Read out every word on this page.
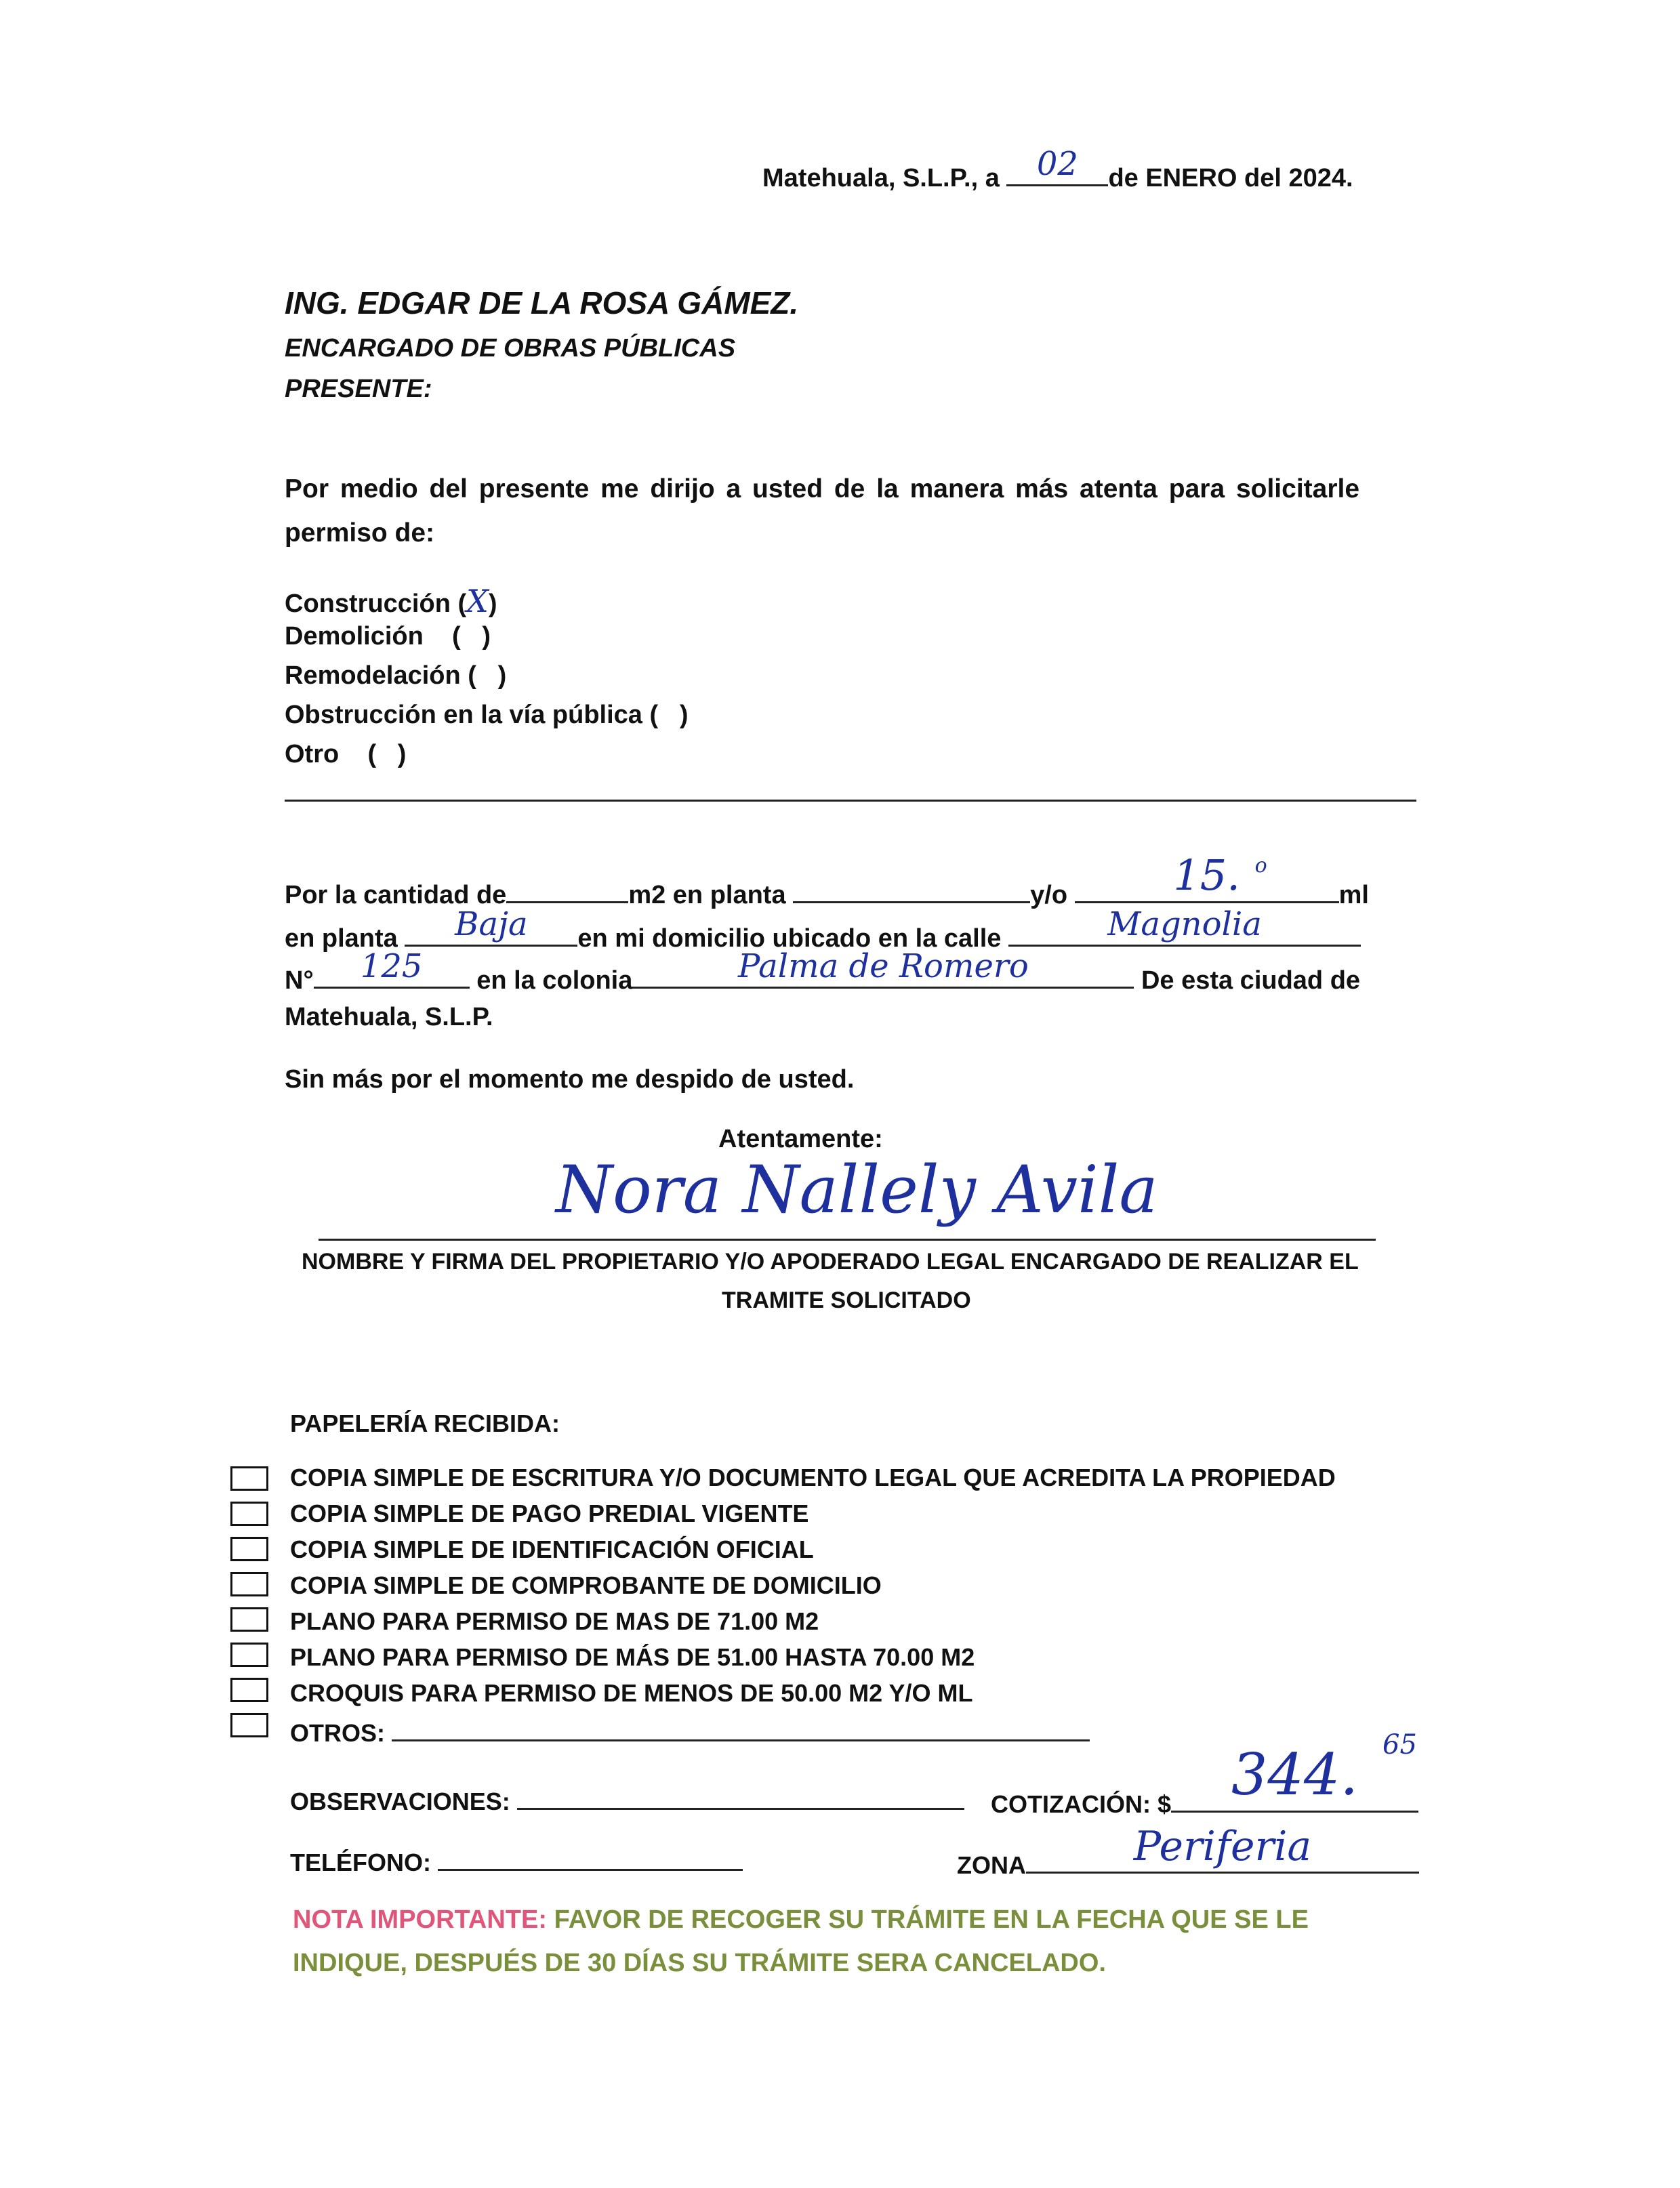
Matehuala, S.L.P., a	02	de ENERO del 2024.
ING. EDGAR DE LA ROSA GÁMEZ.
ENCARGADO DE OBRAS PÚBLICAS
PRESENTE:
Por medio del presente me dirijo a usted de la manera más atenta para solicitarle
permiso de:
Construcción (X)
Demolición    ( )
Remodelación ( )
Obstrucción en la vía pública ( )
Otro    ( )
Por la cantidad de	m2 en planta	y/o	15. o
ml
en planta	Baja	en mi domicilio ubicado en la calle	Magnolia
N°	125	en la colonia	Palma de Romero	De esta ciudad de
Matehuala, S.L.P.
Sin más por el momento me despido de usted.
Atentamente:
Nora Nallely Avila
NOMBRE Y FIRMA DEL PROPIETARIO Y/O APODERADO LEGAL ENCARGADO DE REALIZAR EL
TRAMITE SOLICITADO
PAPELERÍA RECIBIDA:
COPIA SIMPLE DE ESCRITURA Y/O DOCUMENTO LEGAL QUE ACREDITA LA PROPIEDAD
COPIA SIMPLE DE PAGO PREDIAL VIGENTE
COPIA SIMPLE DE IDENTIFICACIÓN OFICIAL
COPIA SIMPLE DE COMPROBANTE DE DOMICILIO
PLANO PARA PERMISO DE MAS DE 71.00 M2
PLANO PARA PERMISO DE MÁS DE 51.00 HASTA 70.00 M2
CROQUIS PARA PERMISO DE MENOS DE 50.00 M2 Y/O ML
OTROS:
OBSERVACIONES:	COTIZACIÓN: $	344. 65
TELÉFONO:	ZONA	Periferia
NOTA IMPORTANTE: FAVOR DE RECOGER SU TRÁMITE EN LA FECHA QUE SE LE
INDIQUE, DESPUÉS DE 30 DÍAS SU TRÁMITE SERA CANCELADO.
